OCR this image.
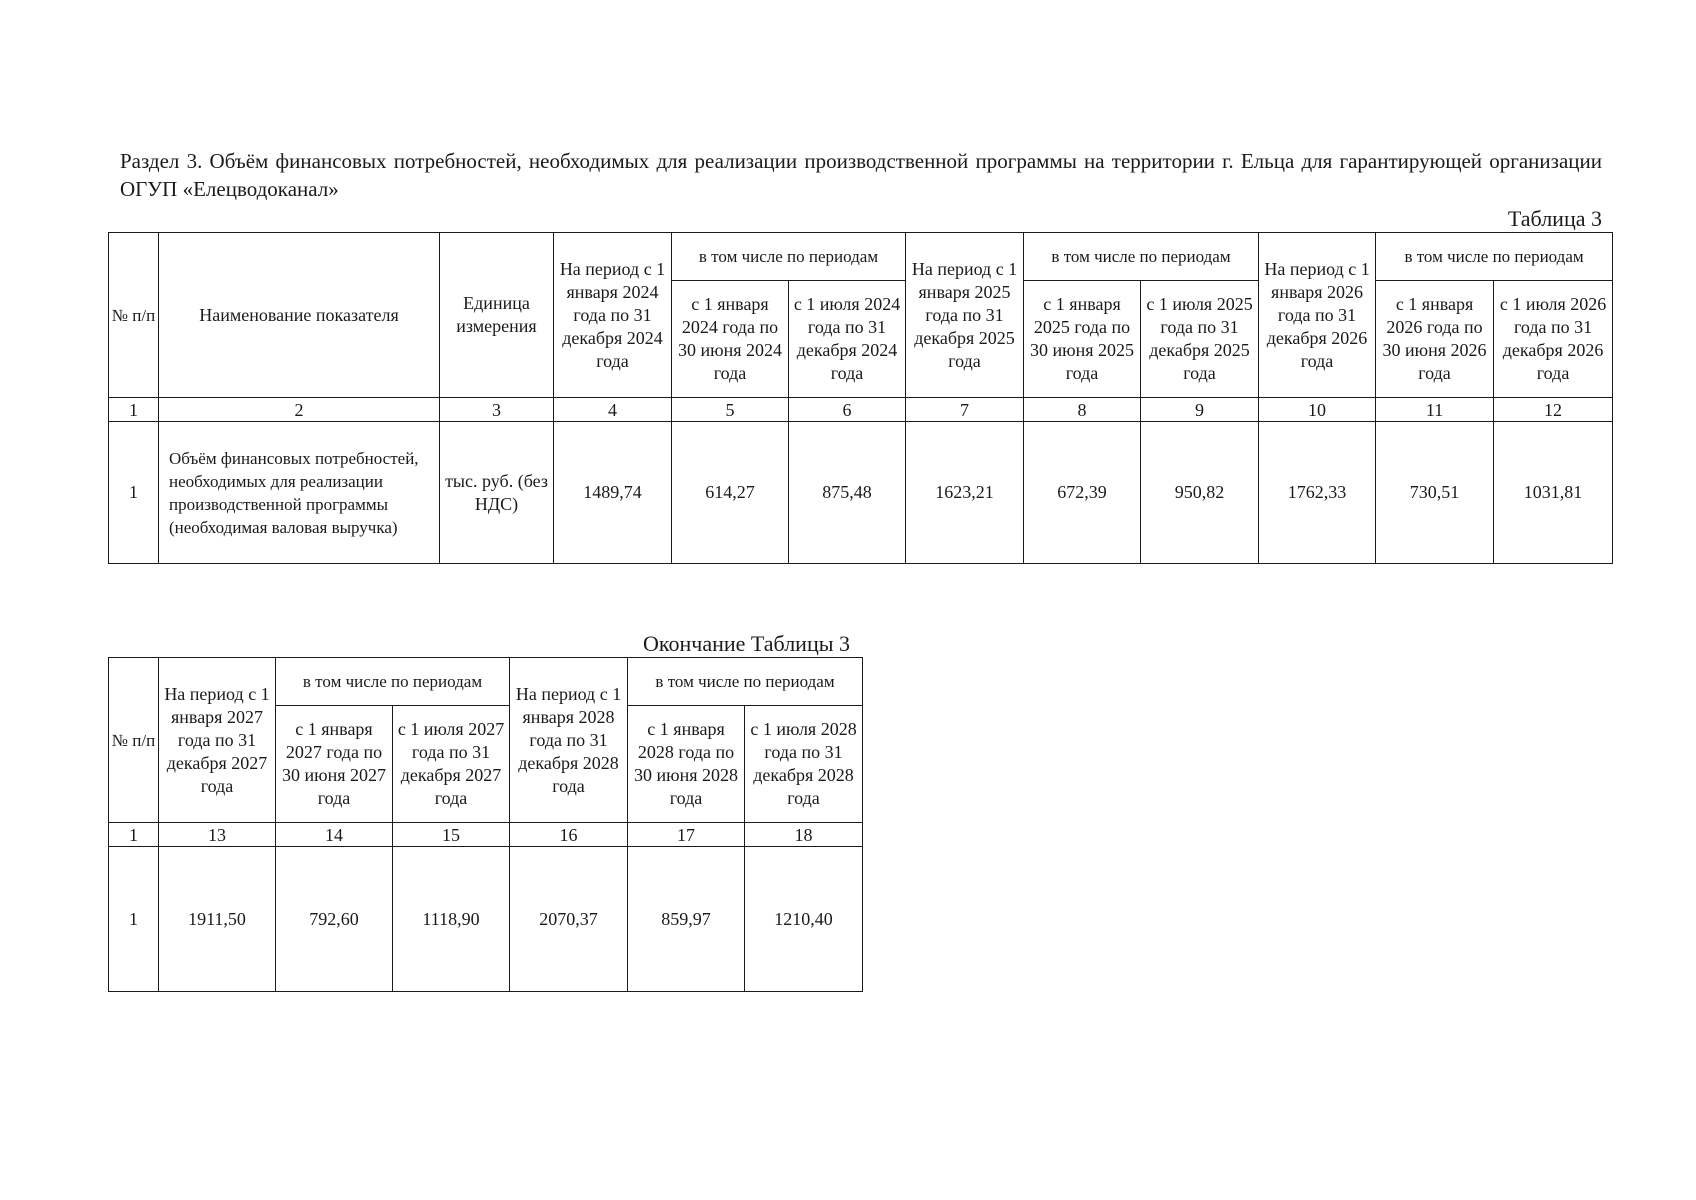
Раздел 3. Объём финансовых потребностей, необходимых для реализации производственной программы на территории г. Ельца для гарантирующей организации ОГУП «Елецводоканал»
Таблица 3
№ п/п	Наименование показателя	Единица измерения	На период с 1 января 2024 года по 31 декабря 2024 года	в том числе по периодам		На период с 1 января 2025 года по 31 декабря 2025 года	в том числе по периодам		На период с 1 января 2026 года по 31 декабря 2026 года	в том числе по периодам	
				с 1 января 2024 года по 30 июня 2024 года	с 1 июля 2024 года по 31 декабря 2024 года		с 1 января 2025 года по 30 июня 2025 года	с 1 июля 2025 года по 31 декабря 2025 года		с 1 января 2026 года по 30 июня 2026 года	с 1 июля 2026 года по 31 декабря 2026 года
1	2	3	4	5	6	7	8	9	10	11	12
1	Объём финансовых потребностей, необходимых для реализации производственной программы (необходимая валовая выручка)	тыс. руб. (без НДС)	1489,74	614,27	875,48	1623,21	672,39	950,82	1762,33	730,51	1031,81
Окончание Таблицы 3
№ п/п	На период с 1 января 2027 года по 31 декабря 2027 года	в том числе по периодам		На период с 1 января 2028 года по 31 декабря 2028 года	в том числе по периодам	
		с 1 января 2027 года по 30 июня 2027 года	с 1 июля 2027 года по 31 декабря 2027 года		с 1 января 2028 года по 30 июня 2028 года	с 1 июля 2028 года по 31 декабря 2028 года
1	13	14	15	16	17	18
1	1911,50	792,60	1118,90	2070,37	859,97	1210,40
